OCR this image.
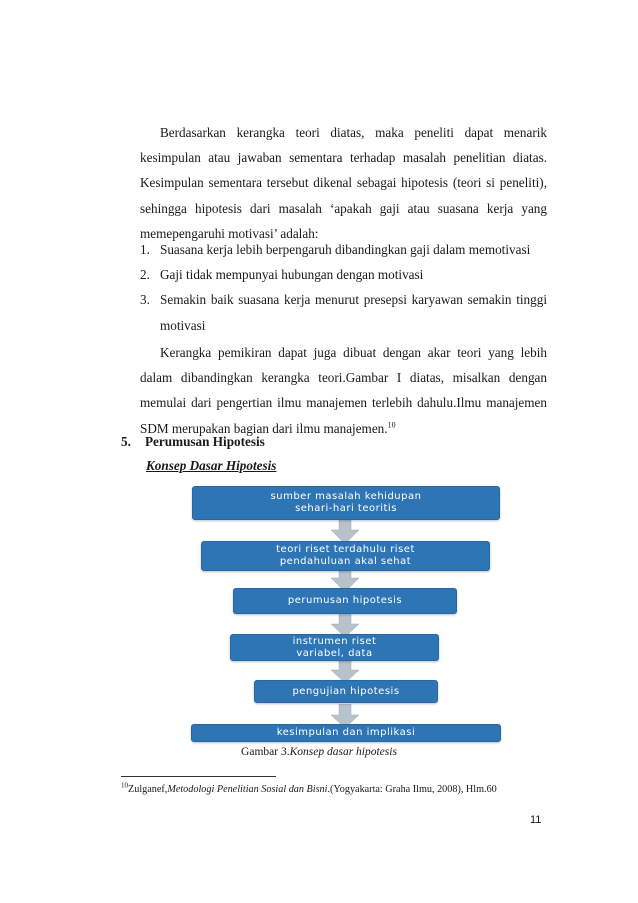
Berdasarkan kerangka teori diatas, maka peneliti dapat menarik kesimpulan atau jawaban sementara terhadap masalah penelitian diatas. Kesimpulan sementara tersebut dikenal sebagai hipotesis (teori si peneliti), sehingga hipotesis dari masalah ‘apakah gaji atau suasana kerja yang memepengaruhi motivasi’ adalah:

1. Suasana kerja lebih berpengaruh dibandingkan gaji dalam memotivasi
2. Gaji tidak mempunyai hubungan dengan motivasi
3. Semakin baik suasana kerja menurut presepsi karyawan semakin tinggi motivasi

Kerangka pemikiran dapat juga dibuat dengan akar teori yang lebih dalam dibandingkan kerangka teori.Gambar I diatas, misalkan dengan memulai dari pengertian ilmu manajemen terlebih dahulu.Ilmu manajemen SDM merupakan bagian dari ilmu manajemen.$^{10}$

5. Perumusan Hipotesis

Konsep Dasar Hipotesis

sumber masalah kehidupan
sehari-hari teoritis
teori riset terdahulu riset
pendahuluan akal sehat
perumusan hipotesis
instrumen riset
variabel, data
pengujian hipotesis
kesimpulan dan implikasi

Gambar 3.Konsep dasar hipotesis

$^{10}$Zulganef,Metodologi Penelitian Sosial dan Bisni.(Yogyakarta: Graha Ilmu, 2008), Hlm.60

11
